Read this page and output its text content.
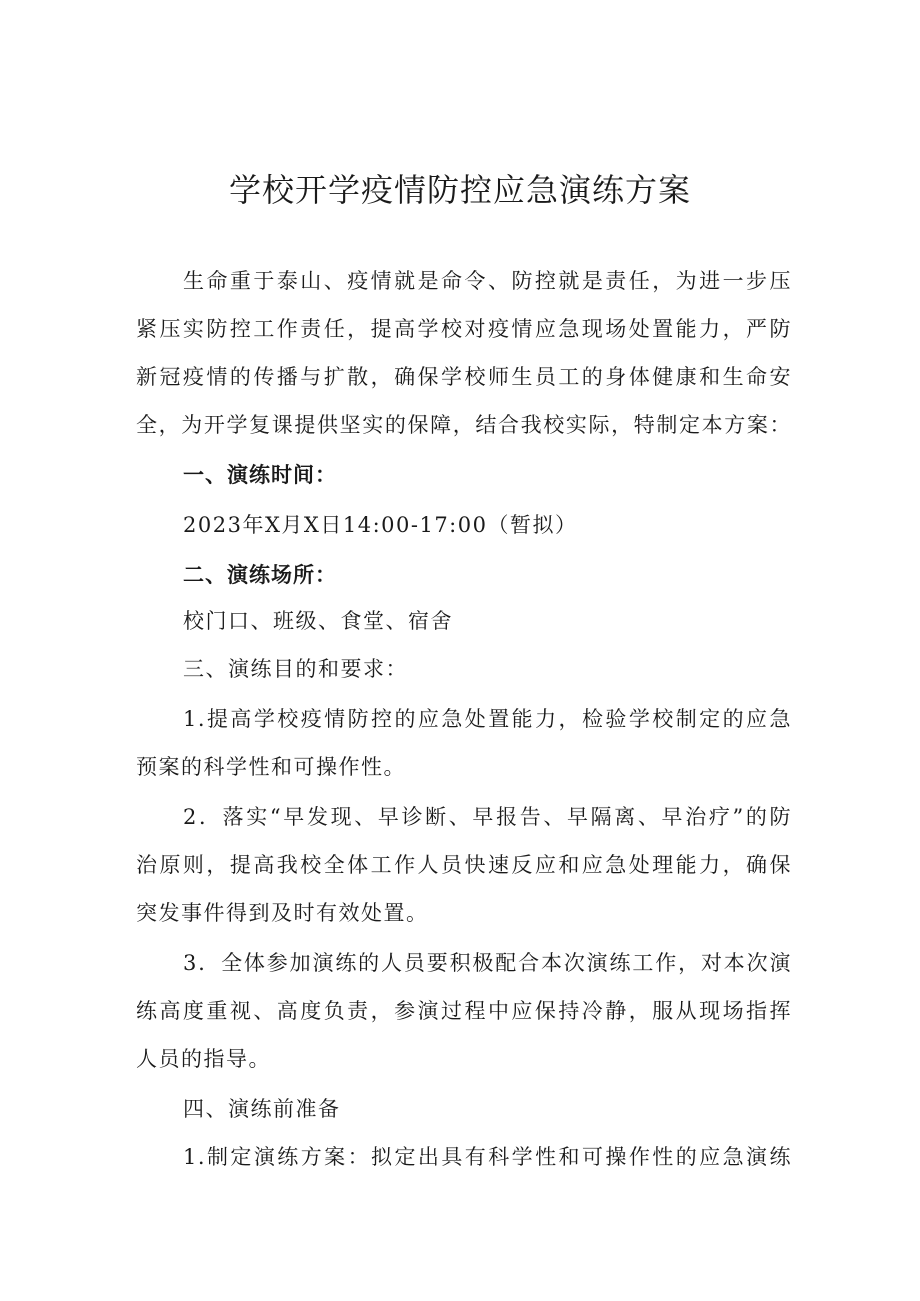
学校开学疫情防控应急演练方案
生命重于泰山、疫情就是命令、防控就是责任，为进一步压
紧压实防控工作责任，提高学校对疫情应急现场处置能力，严防
新冠疫情的传播与扩散，确保学校师生员工的身体健康和生命安
全，为开学复课提供坚实的保障，结合我校实际，特制定本方案：
一、演练时间：
2023年X月X日14:00-17:00（暂拟）
二、演练场所：
校门口、班级、食堂、宿舍
三、演练目的和要求：
1.提高学校疫情防控的应急处置能力，检验学校制定的应急
预案的科学性和可操作性。
2．落实“早发现、早诊断、早报告、早隔离、早治疗”的防
治原则，提高我校全体工作人员快速反应和应急处理能力，确保
突发事件得到及时有效处置。
3．全体参加演练的人员要积极配合本次演练工作，对本次演
练高度重视、高度负责，参演过程中应保持冷静，服从现场指挥
人员的指导。
四、演练前准备
1.制定演练方案：拟定出具有科学性和可操作性的应急演练
